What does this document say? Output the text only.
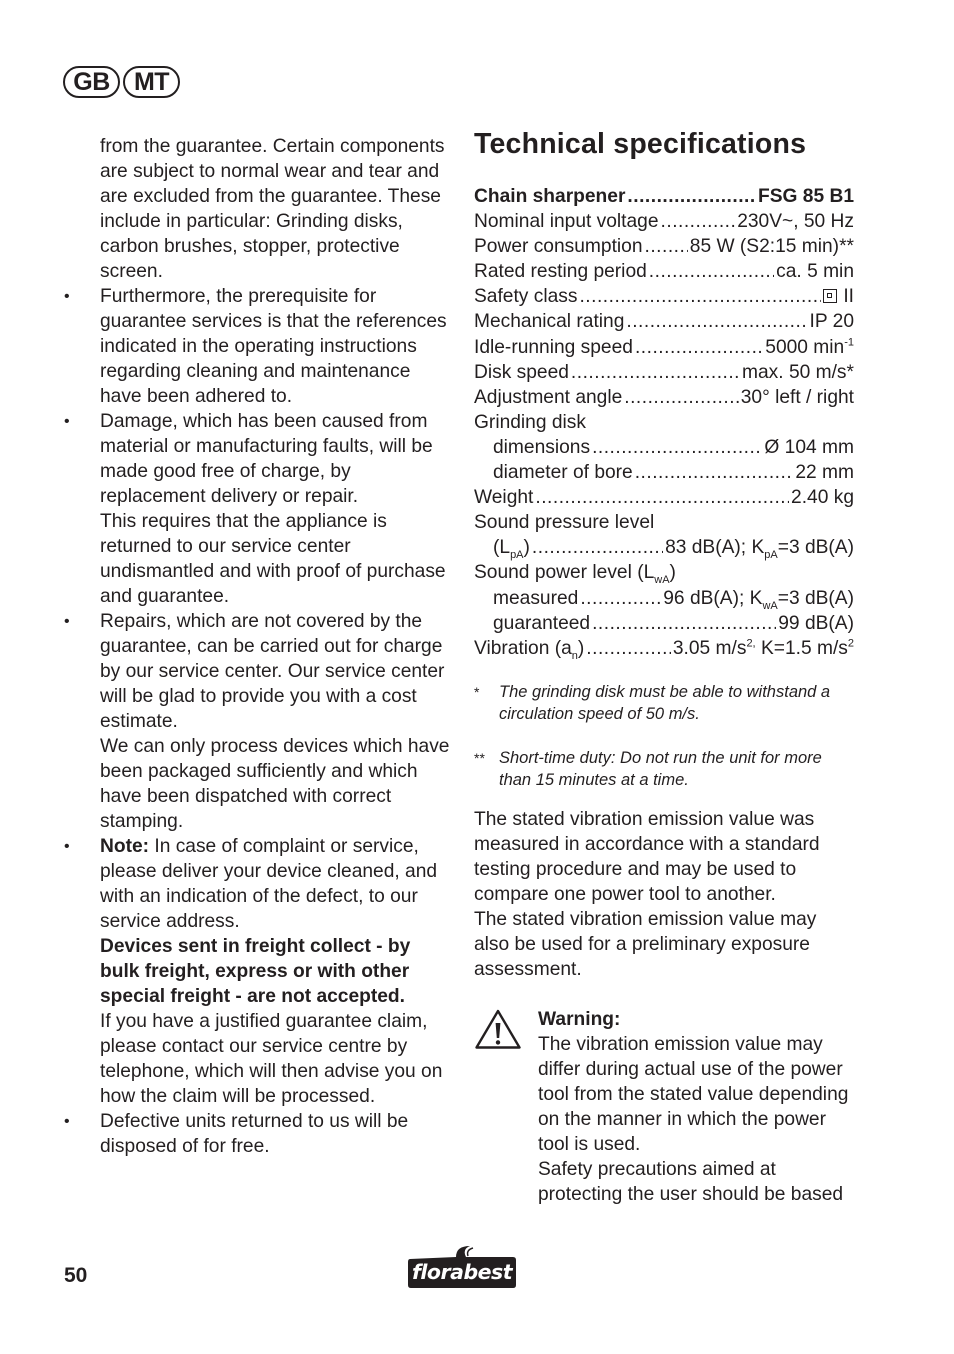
GB MT

from the guarantee. Certain components are subject to normal wear and tear and are excluded from the guarantee. These include in particular: Grinding disks, carbon brushes, stopper, protective screen.

• Furthermore, the prerequisite for guarantee services is that the references indicated in the operating instructions regarding cleaning and maintenance have been adhered to.

• Damage, which has been caused from material or manufacturing faults, will be made good free of charge, by replacement delivery or repair.

This requires that the appliance is returned to our service center undismantled and with proof of purchase and guarantee.

• Repairs, which are not covered by the guarantee, can be carried out for charge by our service center. Our service center will be glad to provide you with a cost estimate.

We can only process devices which have been packaged sufficiently and which have been dispatched with correct stamping.

• Note: In case of complaint or service, please deliver your device cleaned, and with an indication of the defect, to our service address.

Devices sent in freight collect - by bulk freight, express or with other special freight - are not accepted.

If you have a justified guarantee claim, please contact our service centre by telephone, which will then advise you on how the claim will be processed.

• Defective units returned to us will be disposed of for free.

Technical specifications
Chain sharpener .....	FSG 85 B1
Nominal input voltage .....	230V~, 50 Hz
Power consumption ..... 85 W (S2:15 min)**
Rated resting period .....	ca. 5 min
Safety class .....	II
Mechanical rating .....	IP 20
Idle-running speed .....	5000 $\min^{-1}$
Disk speed .....	max. 50 m/s*
Adjustment angle .....	30° left / right
Grinding disk
dimensions .....	Ø 104 mm
diameter of bore .....	22 mm
Weight .....	2.40 kg
Sound pressure level
$(L_{pA})$ .....	83 dB(A); $K_{pA}=3$ dB(A)
Sound power level $(L_{wA})$
measured .....	96 dB(A); $K_{wA}=3$ dB(A)
guaranteed .....	99 dB(A)
Vibration $(a_n)$ .....	3.05 $m/s^{2,}$ K=1.5 $m/s^2$
* The grinding disk must be able to withstand a circulation speed of 50 m/s.
** Short-time duty: Do not run the unit for more than 15 minutes at a time.

The stated vibration emission value was measured in accordance with a standard testing procedure and may be used to compare one power tool to another.

The stated vibration emission value may also be used for a preliminary exposure assessment.

Warning:

The vibration emission value may differ during actual use of the power tool from the stated value depending on the manner in which the power tool is used.

Safety precautions aimed at protecting the user should be based

50	florabest
